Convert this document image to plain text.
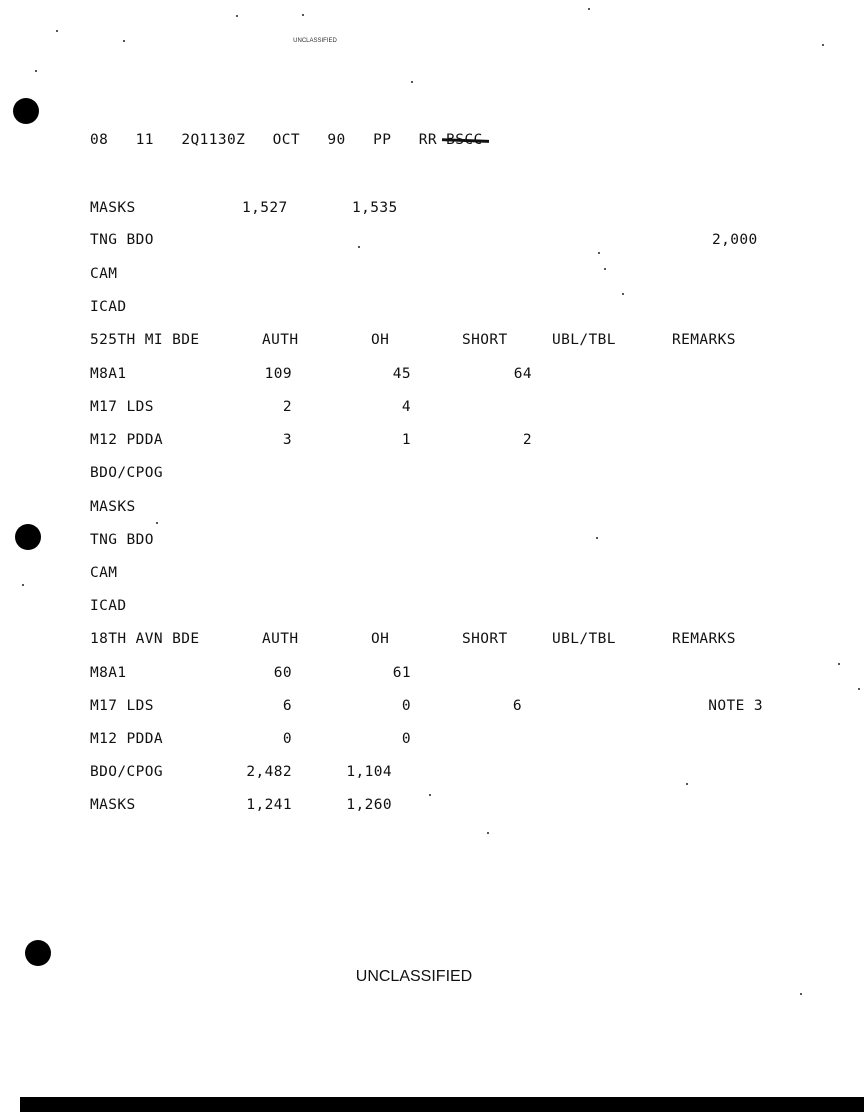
UNCLASSIFIED
08 11 2Q1130Z OCT 90 PP RR BSCC
MASKS	1,527	1,535
TNG BDO	2,000
CAM
ICAD
525TH MI BDE	AUTH	OH	SHORT	UBL/TBL	REMARKS
M8A1	109	45	64
M17 LDS	2	4
M12 PDDA	3	1	2
BDO/CPOG
MASKS
TNG BDO
CAM
ICAD
18TH AVN BDE	AUTH	OH	SHORT	UBL/TBL	REMARKS
M8A1	60	61
M17 LDS	6	0	6	NOTE 3
M12 PDDA	0	0
BDO/CPOG	2,482	1,104
MASKS	1,241	1,260
UNCLASSIFIED
